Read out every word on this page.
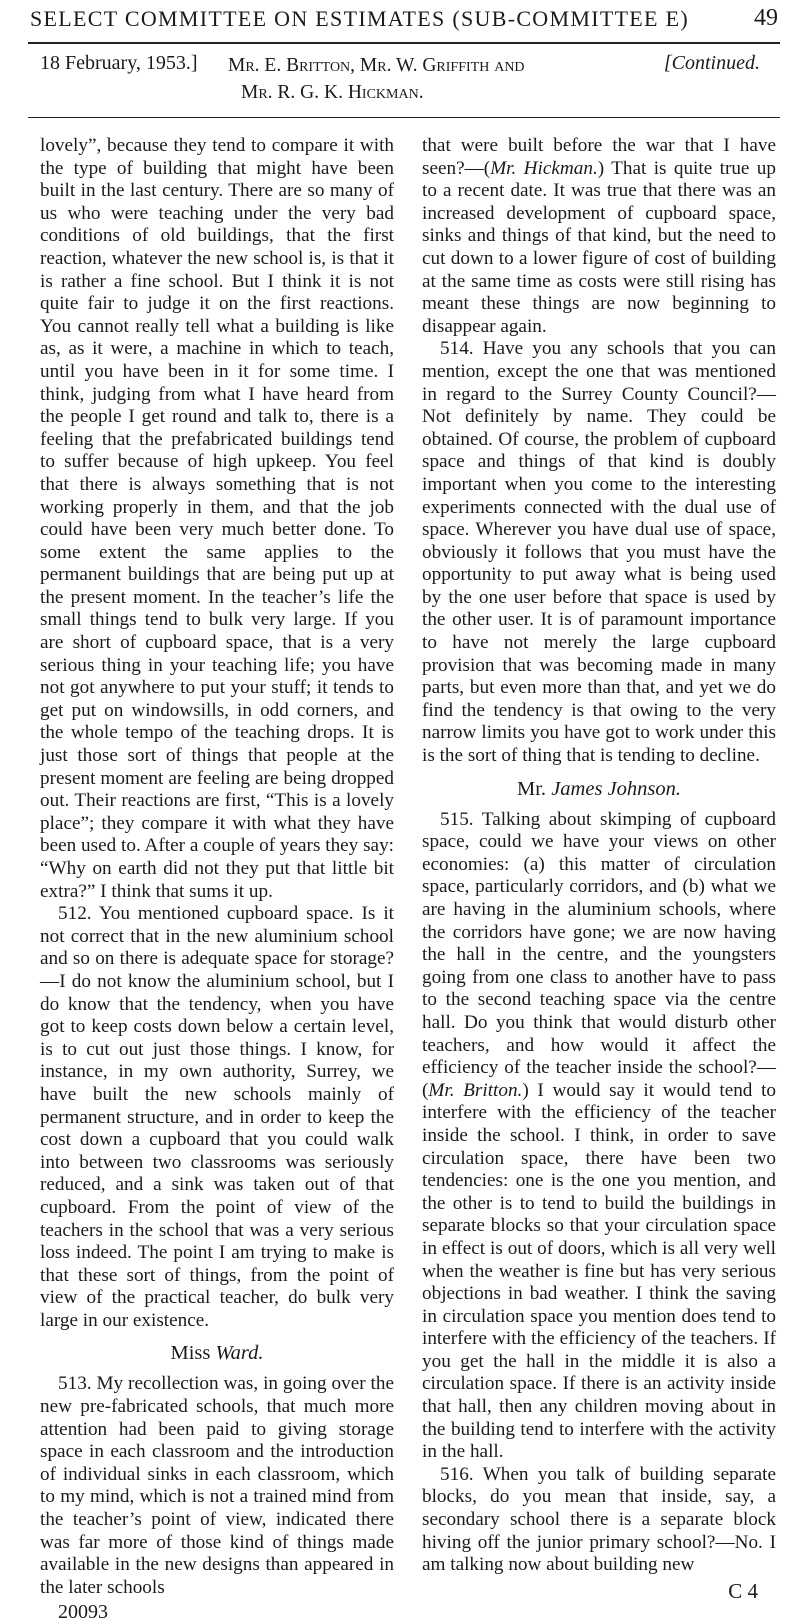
SELECT COMMITTEE ON ESTIMATES (SUB-COMMITTEE E)	49
18 February, 1953.] Mr. E. Britton, Mr. W. Griffith and
Mr. R. G. K. Hickman.
[Continued.

lovely”, because they tend to compare it with the type of building that might have been built in the last century. There are so many of us who were teaching under the very bad conditions of old buildings, that the first reaction, whatever the new school is, is that it is rather a fine school. But I think it is not quite fair to judge it on the first reactions. You cannot really tell what a building is like as, as it were, a machine in which to teach, until you have been in it for some time. I think, judging from what I have heard from the people I get round and talk to, there is a feeling that the prefabricated buildings tend to suffer because of high upkeep. You feel that there is always something that is not working properly in them, and that the job could have been very much better done. To some extent the same applies to the permanent buildings that are being put up at the present moment. In the teacher’s life the small things tend to bulk very large. If you are short of cupboard space, that is a very serious thing in your teaching life; you have not got anywhere to put your stuff; it tends to get put on windowsills, in odd corners, and the whole tempo of the teaching drops. It is just those sort of things that people at the present moment are feeling are being dropped out. Their reactions are first, “This is a lovely place”; they compare it with what they have been used to. After a couple of years they say: “Why on earth did not they put that little bit extra?” I think that sums it up.

512. You mentioned cupboard space. Is it not correct that in the new aluminium school and so on there is adequate space for storage?—I do not know the aluminium school, but I do know that the tendency, when you have got to keep costs down below a certain level, is to cut out just those things. I know, for instance, in my own authority, Surrey, we have built the new schools mainly of permanent structure, and in order to keep the cost down a cupboard that you could walk into between two classrooms was seriously reduced, and a sink was taken out of that cupboard. From the point of view of the teachers in the school that was a very serious loss indeed. The point I am trying to make is that these sort of things, from the point of view of the practical teacher, do bulk very large in our existence.

Miss Ward.

513. My recollection was, in going over the new pre-fabricated schools, that much more attention had been paid to giving storage space in each classroom and the introduction of individual sinks in each classroom, which to my mind, which is not a trained mind from the teacher’s point of view, indicated there was far more of those kind of things made available in the new designs than appeared in the later schools

20093

that were built before the war that I have seen?—(Mr. Hickman.) That is quite true up to a recent date. It was true that there was an increased development of cupboard space, sinks and things of that kind, but the need to cut down to a lower figure of cost of building at the same time as costs were still rising has meant these things are now beginning to disappear again.

514. Have you any schools that you can mention, except the one that was mentioned in regard to the Surrey County Council?—Not definitely by name. They could be obtained. Of course, the problem of cupboard space and things of that kind is doubly important when you come to the interesting experiments connected with the dual use of space. Wherever you have dual use of space, obviously it follows that you must have the opportunity to put away what is being used by the one user before that space is used by the other user. It is of paramount importance to have not merely the large cupboard provision that was becoming made in many parts, but even more than that, and yet we do find the tendency is that owing to the very narrow limits you have got to work under this is the sort of thing that is tending to decline.

Mr. James Johnson.

515. Talking about skimping of cupboard space, could we have your views on other economies: (a) this matter of circulation space, particularly corridors, and (b) what we are having in the aluminium schools, where the corridors have gone; we are now having the hall in the centre, and the youngsters going from one class to another have to pass to the second teaching space via the centre hall. Do you think that would disturb other teachers, and how would it affect the efficiency of the teacher inside the school?—(Mr. Britton.) I would say it would tend to interfere with the efficiency of the teacher inside the school. I think, in order to save circulation space, there have been two tendencies: one is the one you mention, and the other is to tend to build the buildings in separate blocks so that your circulation space in effect is out of doors, which is all very well when the weather is fine but has very serious objections in bad weather. I think the saving in circulation space you mention does tend to interfere with the efficiency of the teachers. If you get the hall in the middle it is also a circulation space. If there is an activity inside that hall, then any children moving about in the building tend to interfere with the activity in the hall.

516. When you talk of building separate blocks, do you mean that inside, say, a secondary school there is a separate block hiving off the junior primary school?—No. I am talking now about building new

C 4
